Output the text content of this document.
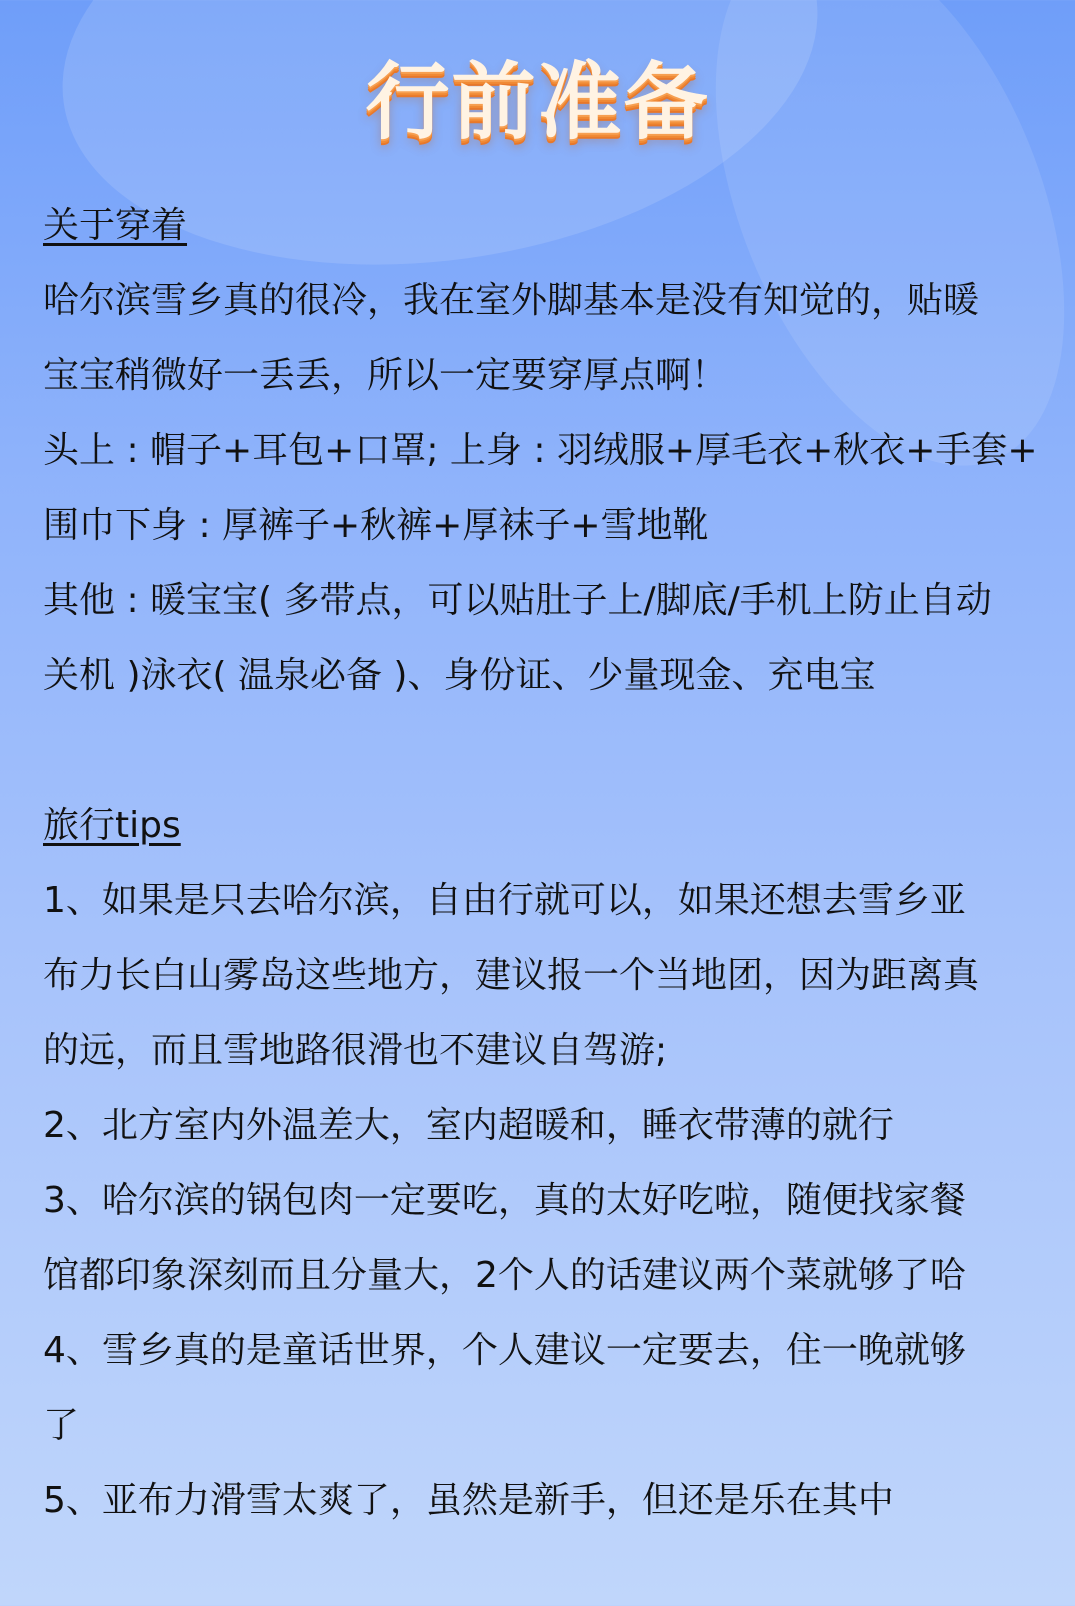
行前准备
关于穿着
哈尔滨雪乡真的很冷，我在室外脚基本是没有知觉的，贴暖
宝宝稍微好一丢丢，所以一定要穿厚点啊！
头上 : 帽子+耳包+口罩; 上身 : 羽绒服+厚毛衣+秋衣+手套+
围巾下身 : 厚裤子+秋裤+厚袜子+雪地靴
其他 : 暖宝宝( 多带点，可以贴肚子上/脚底/手机上防止自动
关机 )泳衣( 温泉必备 )、身份证、少量现金、充电宝
旅行tips
1、如果是只去哈尔滨，自由行就可以，如果还想去雪乡亚
布力长白山雾岛这些地方，建议报一个当地团，因为距离真
的远，而且雪地路很滑也不建议自驾游;
2、北方室内外温差大，室内超暖和，睡衣带薄的就行
3、哈尔滨的锅包肉一定要吃，真的太好吃啦，随便找家餐
馆都印象深刻而且分量大，2个人的话建议两个菜就够了哈
4、雪乡真的是童话世界，个人建议一定要去，住一晚就够
了
5、亚布力滑雪太爽了，虽然是新手，但还是乐在其中
